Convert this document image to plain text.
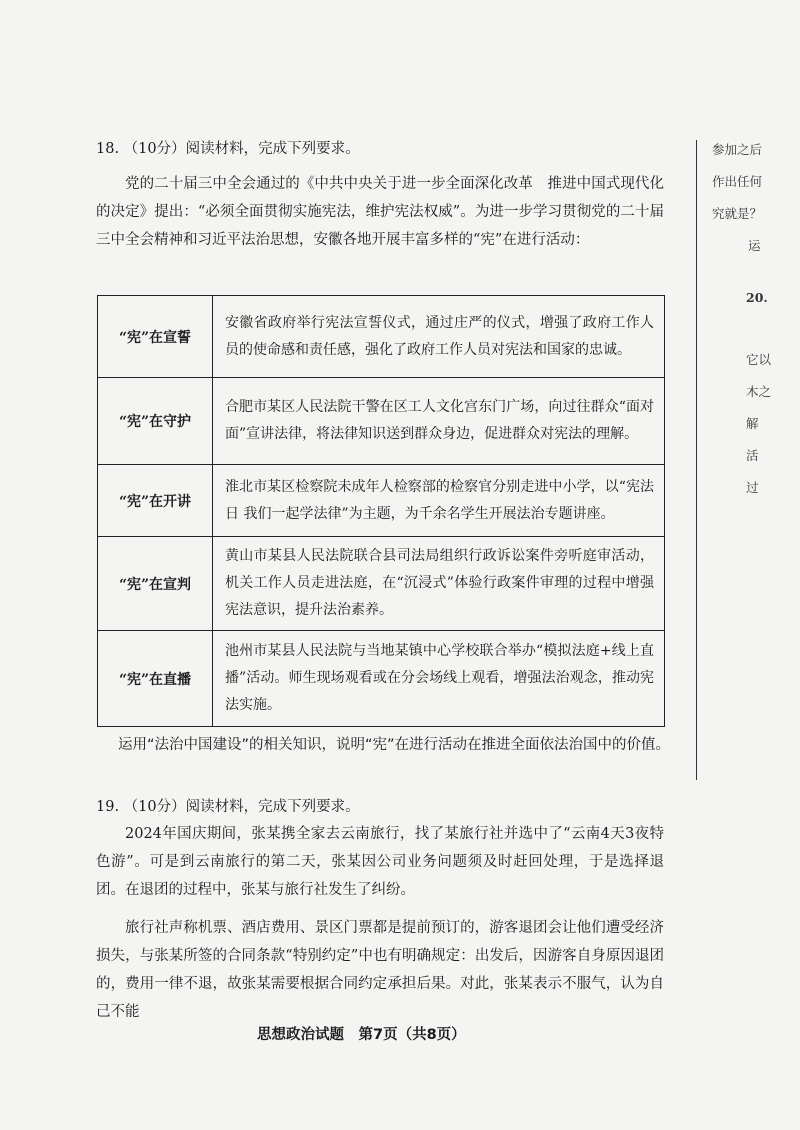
18. （10分）阅读材料，完成下列要求。
党的二十届三中全会通过的《中共中央关于进一步全面深化改革　推进中国式现代化的决定》提出：“必须全面贯彻实施宪法，维护宪法权威”。为进一步学习贯彻党的二十届三中全会精神和习近平法治思想，安徽各地开展丰富多样的“宪”在进行活动：
“宪”在宣誓	安徽省政府举行宪法宣誓仪式，通过庄严的仪式，增强了政府工作人员的使命感和责任感，强化了政府工作人员对宪法和国家的忠诚。
“宪”在守护	合肥市某区人民法院干警在区工人文化宫东门广场，向过往群众“面对面”宣讲法律，将法律知识送到群众身边，促进群众对宪法的理解。
“宪”在开讲	淮北市某区检察院未成年人检察部的检察官分别走进中小学，以“宪法日 我们一起学法律”为主题，为千余名学生开展法治专题讲座。
“宪”在宣判	黄山市某县人民法院联合县司法局组织行政诉讼案件旁听庭审活动，机关工作人员走进法庭，在“沉浸式”体验行政案件审理的过程中增强宪法意识，提升法治素养。
“宪”在直播	池州市某县人民法院与当地某镇中心学校联合举办“模拟法庭+线上直播”活动。师生现场观看或在分会场线上观看，增强法治观念，推动宪法实施。
运用“法治中国建设”的相关知识，说明“宪”在进行活动在推进全面依法治国中的价值。
19. （10分）阅读材料，完成下列要求。
2024年国庆期间，张某携全家去云南旅行，找了某旅行社并选中了“云南4天3夜特色游”。可是到云南旅行的第二天，张某因公司业务问题须及时赶回处理，于是选择退团。在退团的过程中，张某与旅行社发生了纠纷。
旅行社声称机票、酒店费用、景区门票都是提前预订的，游客退团会让他们遭受经济损失，与张某所签的合同条款“特别约定”中也有明确规定：出发后，因游客自身原因退团的，费用一律不退，故张某需要根据合同约定承担后果。对此，张某表示不服气，认为自己不能
思想政治试题　第7页（共8页）
参加之后
作出任何
究就是？
运
20.
它以
木之
解
活
过
